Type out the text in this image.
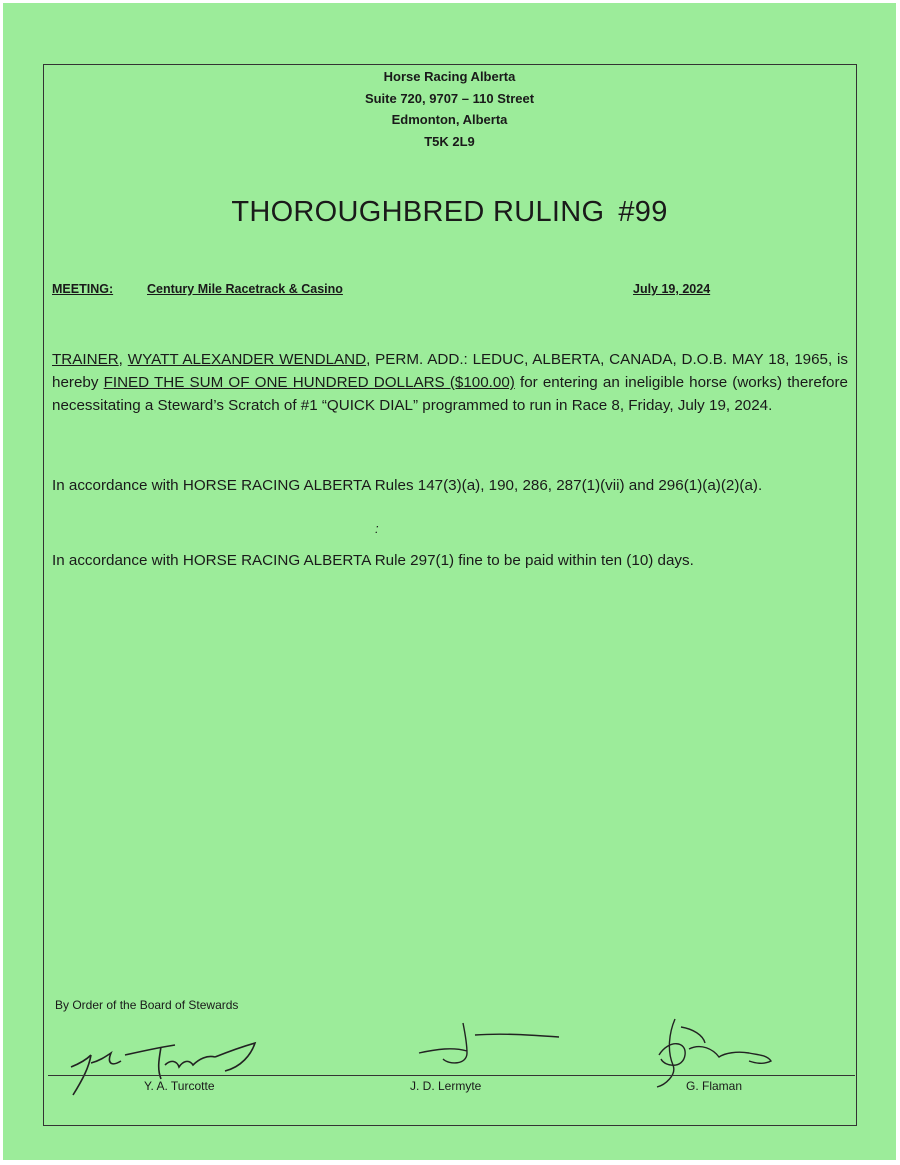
Horse Racing Alberta
Suite 720, 9707 – 110 Street
Edmonton, Alberta
T5K 2L9
THOROUGHBRED RULING #99
MEETING:	Century Mile Racetrack & Casino	July 19, 2024
TRAINER, WYATT ALEXANDER WENDLAND, PERM. ADD.: LEDUC, ALBERTA, CANADA, D.O.B. MAY 18, 1965, is hereby FINED THE SUM OF ONE HUNDRED DOLLARS ($100.00) for entering an ineligible horse (works) therefore necessitating a Steward’s Scratch of #1 “QUICK DIAL” programmed to run in Race 8, Friday, July 19, 2024.
In accordance with HORSE RACING ALBERTA Rules 147(3)(a), 190, 286, 287(1)(vii) and 296(1)(a)(2)(a).
:
In accordance with HORSE RACING ALBERTA Rule 297(1) fine to be paid within ten (10) days.
By Order of the Board of Stewards
Y. A. Turcotte	J. D. Lermyte	G. Flaman
